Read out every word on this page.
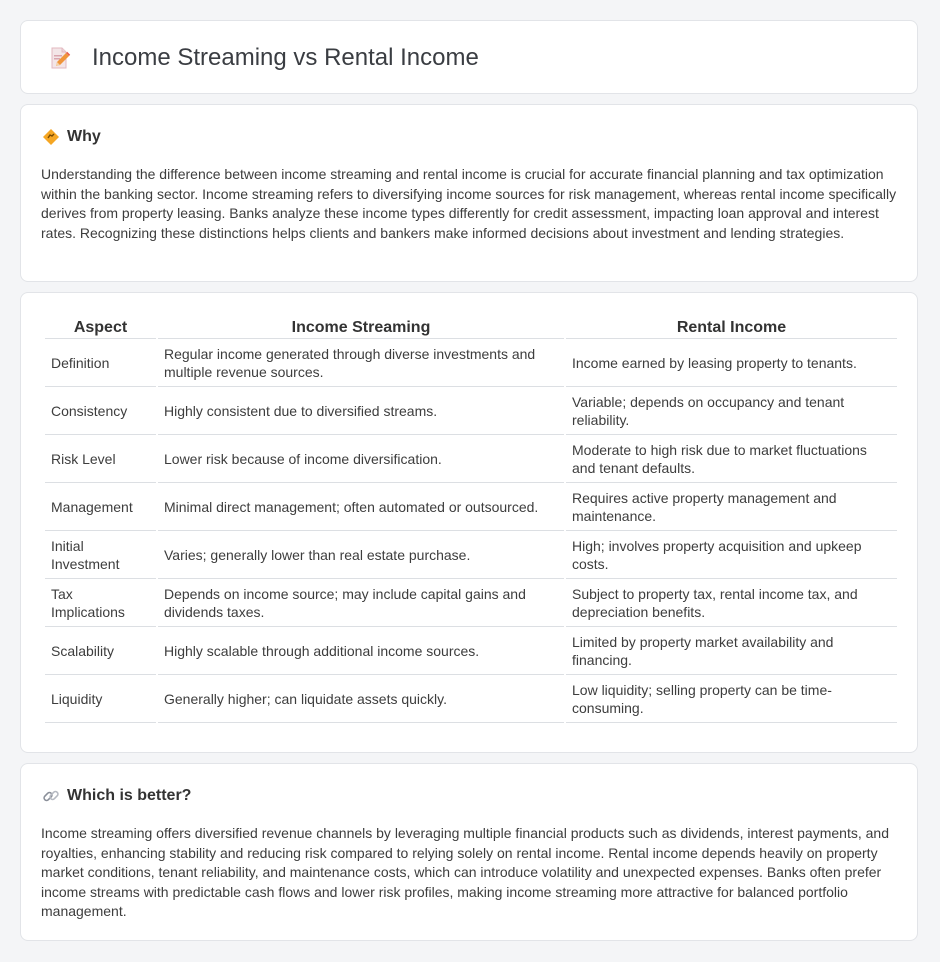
Income Streaming vs Rental Income
Why

Understanding the difference between income streaming and rental income is crucial for accurate financial planning and tax optimization within the banking sector. Income streaming refers to diversifying income sources for risk management, whereas rental income specifically derives from property leasing. Banks analyze these income types differently for credit assessment, impacting loan approval and interest rates. Recognizing these distinctions helps clients and bankers make informed decisions about investment and lending strategies.

Aspect	Income Streaming	Rental Income
Definition	Regular income generated through diverse investments and multiple revenue sources.	Income earned by leasing property to tenants.
Consistency	Highly consistent due to diversified streams.	Variable; depends on occupancy and tenant reliability.
Risk Level	Lower risk because of income diversification.	Moderate to high risk due to market fluctuations and tenant defaults.
Management	Minimal direct management; often automated or outsourced.	Requires active property management and maintenance.
Initial Investment	Varies; generally lower than real estate purchase.	High; involves property acquisition and upkeep costs.
Tax Implications	Depends on income source; may include capital gains and dividends taxes.	Subject to property tax, rental income tax, and depreciation benefits.
Scalability	Highly scalable through additional income sources.	Limited by property market availability and financing.
Liquidity	Generally higher; can liquidate assets quickly.	Low liquidity; selling property can be time-consuming.
Which is better?

Income streaming offers diversified revenue channels by leveraging multiple financial products such as dividends, interest payments, and royalties, enhancing stability and reducing risk compared to relying solely on rental income. Rental income depends heavily on property market conditions, tenant reliability, and maintenance costs, which can introduce volatility and unexpected expenses. Banks often prefer income streams with predictable cash flows and lower risk profiles, making income streaming more attractive for balanced portfolio management.
